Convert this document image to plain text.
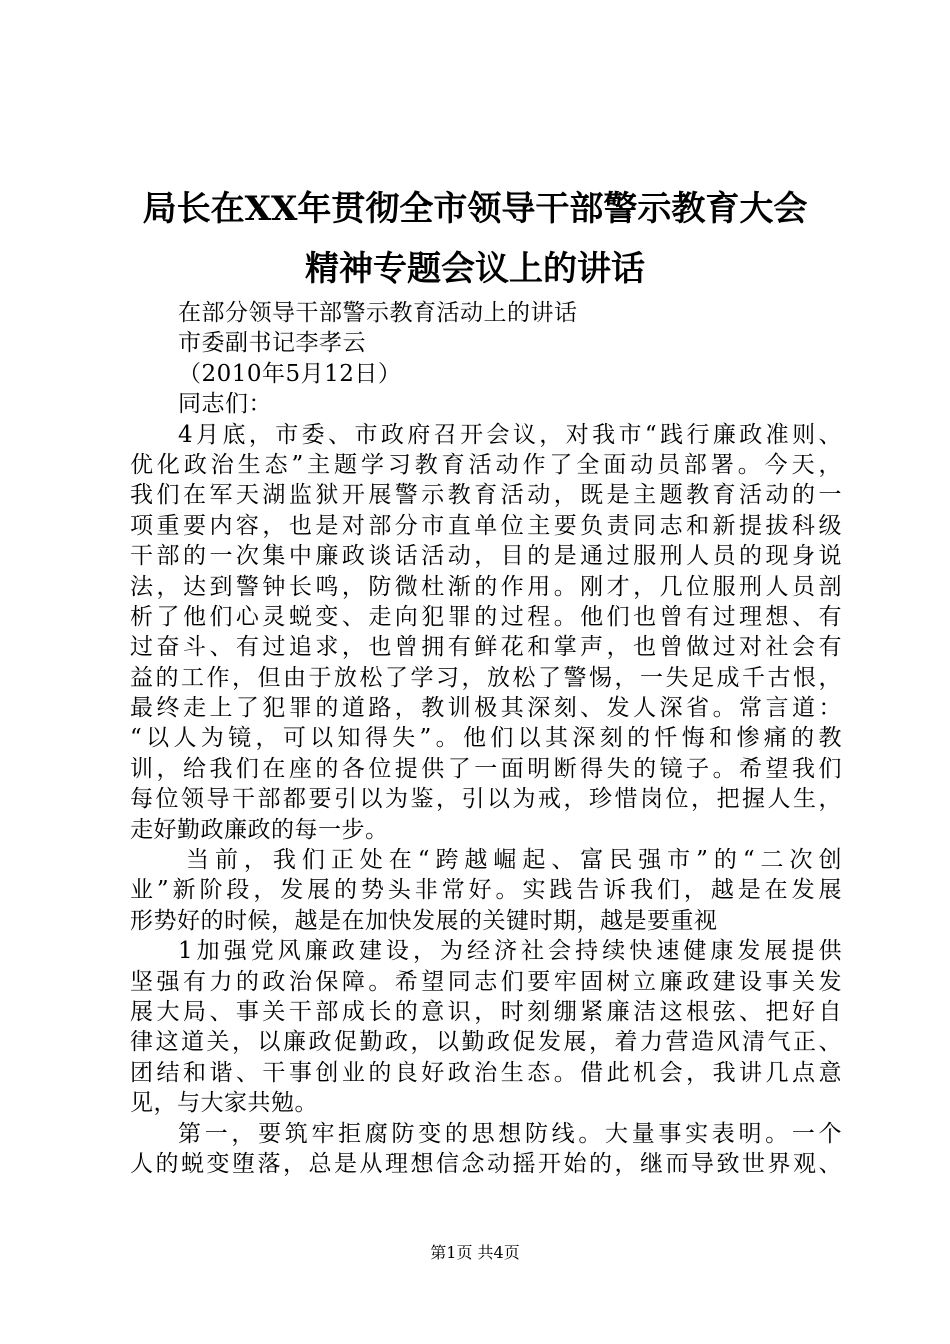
局长在XX年贯彻全市领导干部警示教育大会
精神专题会议上的讲话
在部分领导干部警示教育活动上的讲话
市委副书记李孝云
（2010年5月12日）
同志们：
4月底，市委、市政府召开会议，对我市“践行廉政准则、
优化政治生态”主题学习教育活动作了全面动员部署。今天，
我们在军天湖监狱开展警示教育活动，既是主题教育活动的一
项重要内容，也是对部分市直单位主要负责同志和新提拔科级
干部的一次集中廉政谈话活动，目的是通过服刑人员的现身说
法，达到警钟长鸣，防微杜渐的作用。刚才，几位服刑人员剖
析了他们心灵蜕变、走向犯罪的过程。他们也曾有过理想、有
过奋斗、有过追求，也曾拥有鲜花和掌声，也曾做过对社会有
益的工作，但由于放松了学习，放松了警惕，一失足成千古恨，
最终走上了犯罪的道路，教训极其深刻、发人深省。常言道：
“以人为镜，可以知得失”。他们以其深刻的忏悔和惨痛的教
训，给我们在座的各位提供了一面明断得失的镜子。希望我们
每位领导干部都要引以为鉴，引以为戒，珍惜岗位，把握人生，
走好勤政廉政的每一步。
当前，我们正处在“跨越崛起、富民强市”的“二次创
业”新阶段，发展的势头非常好。实践告诉我们，越是在发展
形势好的时候，越是在加快发展的关键时期，越是要重视
1加强党风廉政建设，为经济社会持续快速健康发展提供
坚强有力的政治保障。希望同志们要牢固树立廉政建设事关发
展大局、事关干部成长的意识，时刻绷紧廉洁这根弦、把好自
律这道关，以廉政促勤政，以勤政促发展，着力营造风清气正、
团结和谐、干事创业的良好政治生态。借此机会，我讲几点意
见，与大家共勉。
第一，要筑牢拒腐防变的思想防线。大量事实表明。一个
人的蜕变堕落，总是从理想信念动摇开始的，继而导致世界观、
第1页 共4页
